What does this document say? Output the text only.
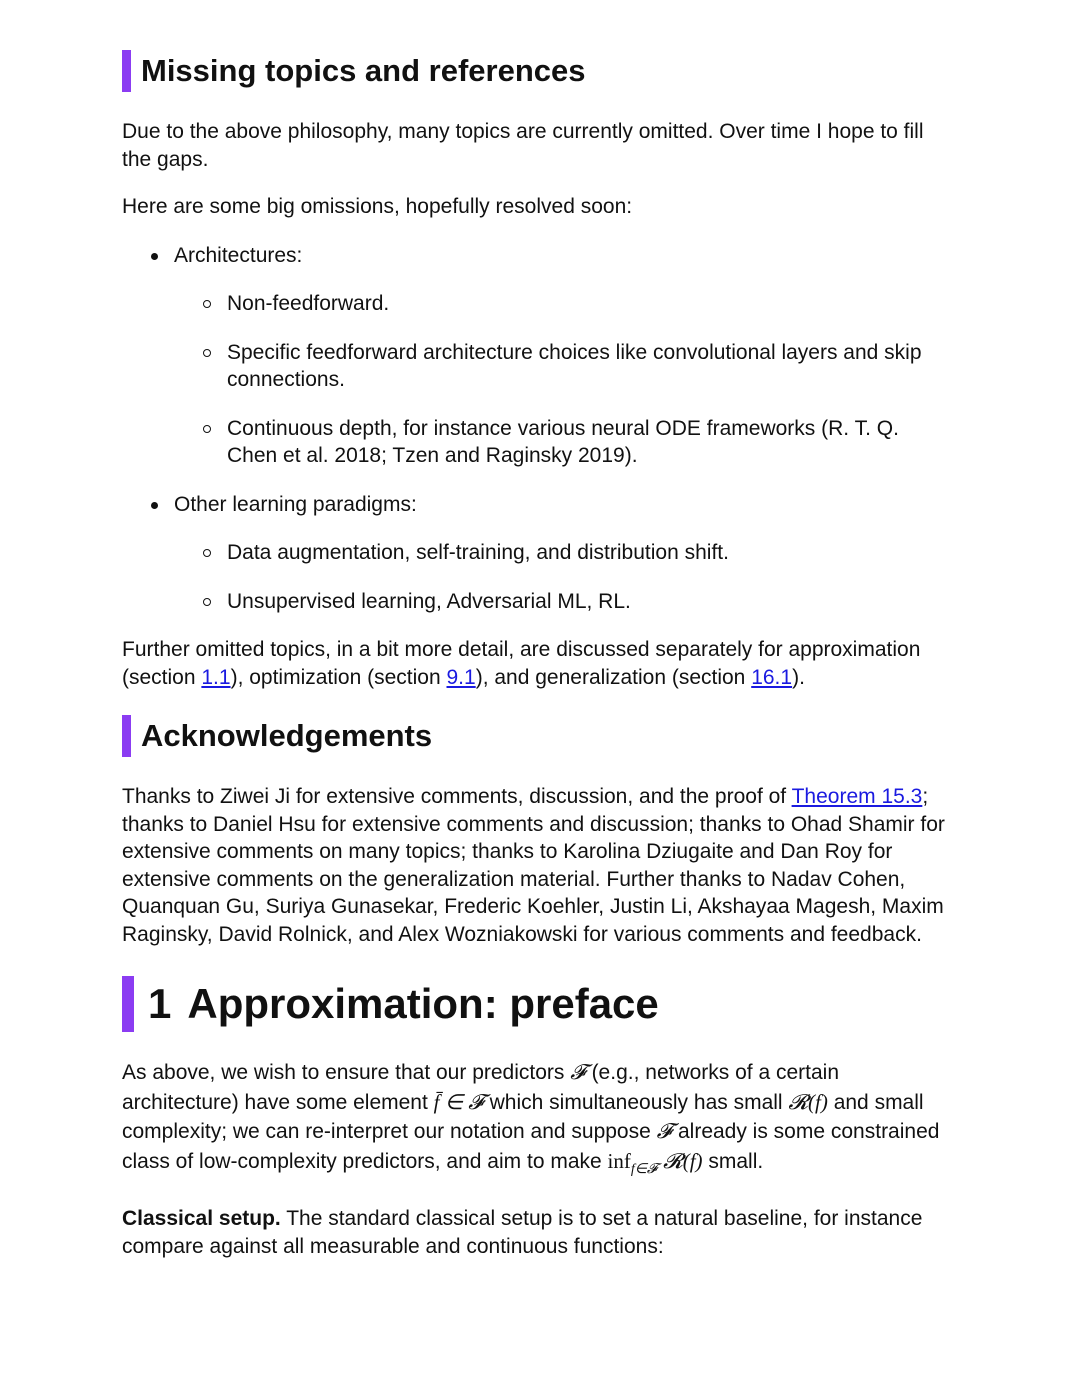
Missing topics and references

Due to the above philosophy, many topics are currently omitted. Over time I hope to fill the gaps.

Here are some big omissions, hopefully resolved soon:

Architectures:
Non-feedforward.
Specific feedforward architecture choices like convolutional layers and skip connections.
Continuous depth, for instance various neural ODE frameworks (R. T. Q. Chen et al. 2018; Tzen and Raginsky 2019).
Other learning paradigms:
Data augmentation, self-training, and distribution shift.
Unsupervised learning, Adversarial ML, RL.

Further omitted topics, in a bit more detail, are discussed separately for approximation (section 1.1), optimization (section 9.1), and generalization (section 16.1).

Acknowledgements

Thanks to Ziwei Ji for extensive comments, discussion, and the proof of Theorem 15.3; thanks to Daniel Hsu for extensive comments and discussion; thanks to Ohad Shamir for extensive comments on many topics; thanks to Karolina Dziugaite and Dan Roy for extensive comments on the generalization material. Further thanks to Nadav Cohen, Quanquan Gu, Suriya Gunasekar, Frederic Koehler, Justin Li, Akshayaa Magesh, Maxim Raginsky, David Rolnick, and Alex Wozniakowski for various comments and feedback.

1 Approximation: preface

As above, we wish to ensure that our predictors 𝓕 (e.g., networks of a certain architecture) have some element f̄ ∈ 𝓕 which simultaneously has small 𝓡(f) and small complexity; we can re-interpret our notation and suppose 𝓕 already is some constrained class of low-complexity predictors, and aim to make inf$_{f\in 𝓕}$ 𝓡(f) small.

Classical setup. The standard classical setup is to set a natural baseline, for instance compare against all measurable and continuous functions:
